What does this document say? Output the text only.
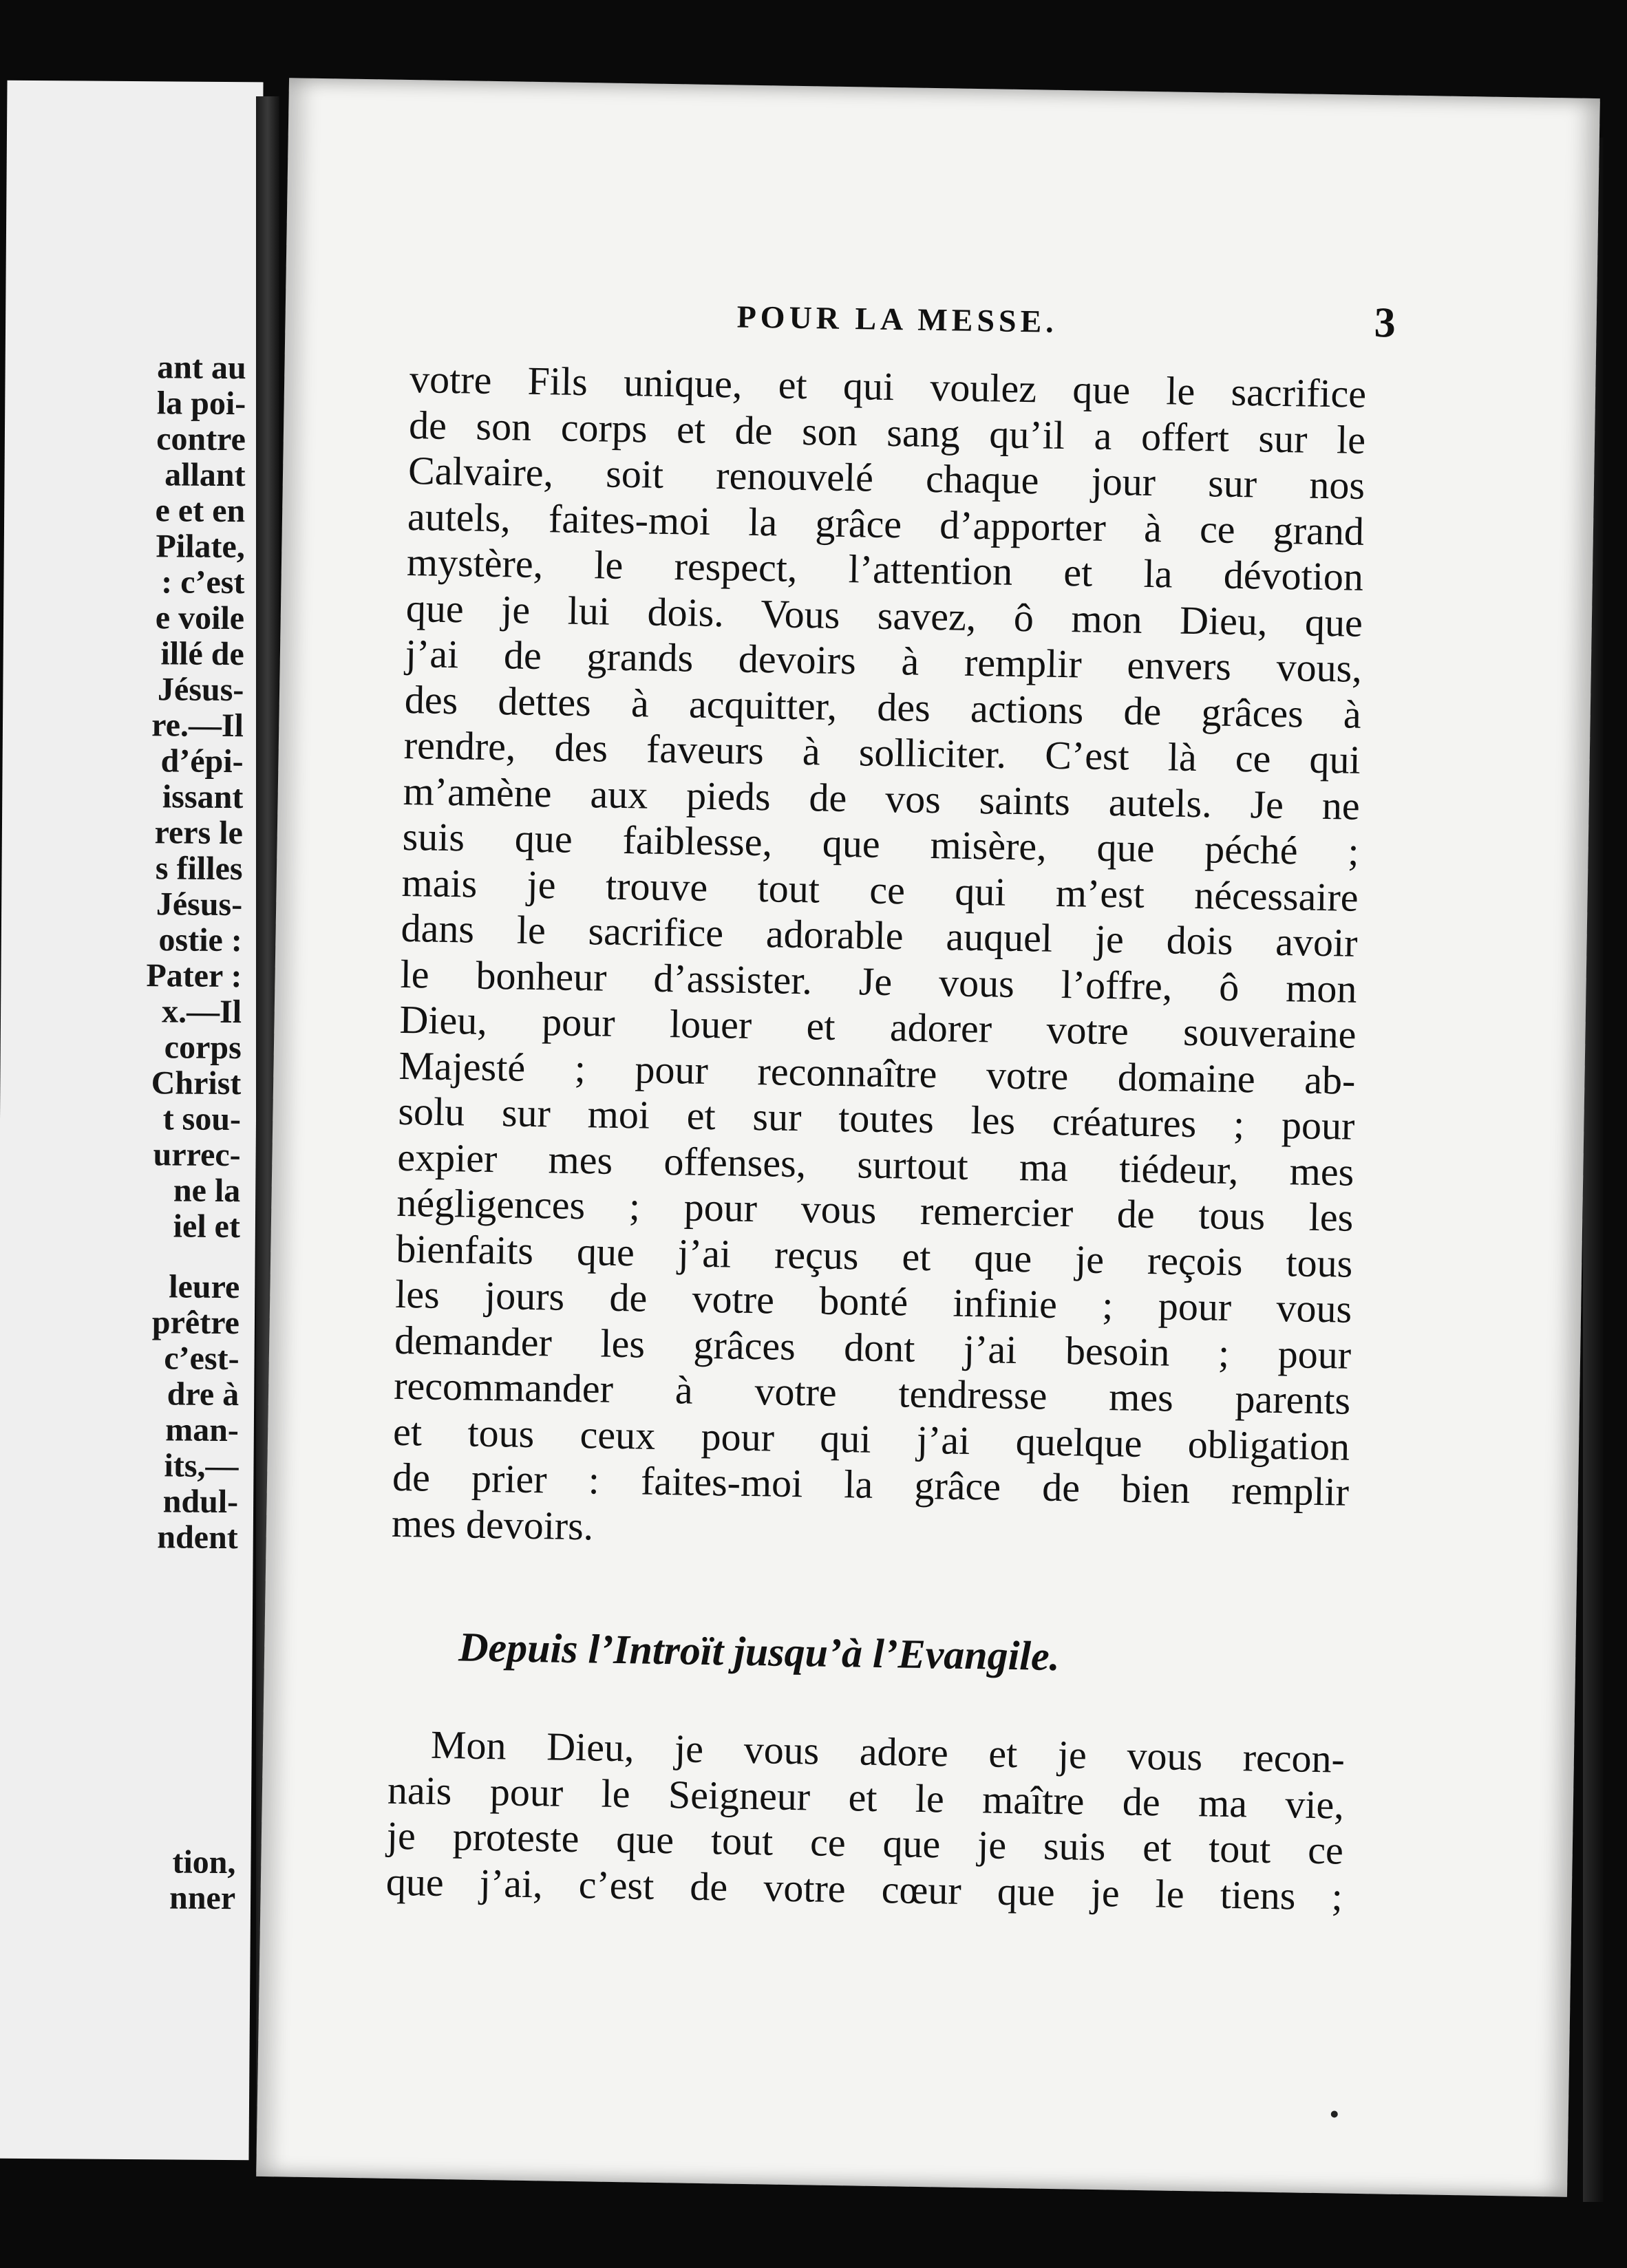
ant au
la poi-
contre
allant
e et en
Pilate,
: c’est
e voile
illé de
Jésus-
re.—Il
d’épi-
issant
rers le
s filles
Jésus-
ostie :
Pater :
x.—Il
corps
Christ
t sou-
urrec-
ne la
iel et
leure
prêtre
c’est-
dre à
man-
its,—
ndul-
ndent
tion,
nner
POUR LA MESSE.	3

votre Fils unique, et qui voulez que le sacrifice
de son corps et de son sang qu’il a offert sur le
Calvaire, soit renouvelé chaque jour sur nos
autels, faites-moi la grâce d’apporter à ce grand
mystère, le respect, l’attention et la dévotion
que je lui dois. Vous savez, ô mon Dieu, que
j’ai de grands devoirs à remplir envers vous,
des dettes à acquitter, des actions de grâces à
rendre, des faveurs à solliciter. C’est là ce qui
m’amène aux pieds de vos saints autels. Je ne
suis que faiblesse, que misère, que péché ;
mais je trouve tout ce qui m’est nécessaire
dans le sacrifice adorable auquel je dois avoir
le bonheur d’assister. Je vous l’offre, ô mon
Dieu, pour louer et adorer votre souveraine
Majesté ; pour reconnaître votre domaine ab-
solu sur moi et sur toutes les créatures ; pour
expier mes offenses, surtout ma tiédeur, mes
négligences ; pour vous remercier de tous les
bienfaits que j’ai reçus et que je reçois tous
les jours de votre bonté infinie ; pour vous
demander les grâces dont j’ai besoin ; pour
recommander à votre tendresse mes parents
et tous ceux pour qui j’ai quelque obligation
de prier : faites-moi la grâce de bien remplir
mes devoirs.

Depuis l’Introït jusqu’à l’Evangile.

Mon Dieu, je vous adore et je vous recon-
nais pour le Seigneur et le maître de ma vie,
je proteste que tout ce que je suis et tout ce
que j’ai, c’est de votre cœur que je le tiens ;
